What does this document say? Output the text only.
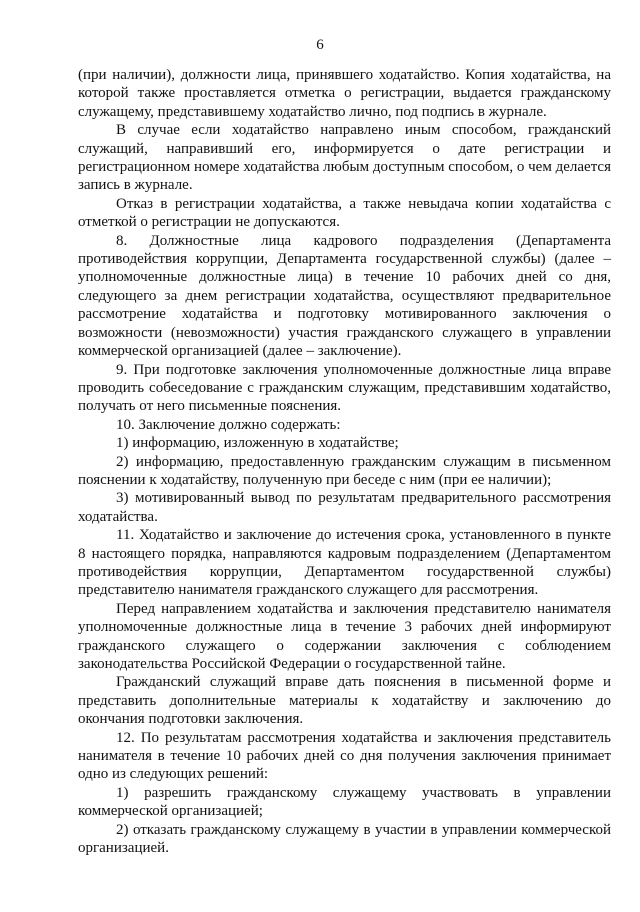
6

(при наличии), должности лица, принявшего ходатайство. Копия ходатайства, на которой также проставляется отметка о регистрации, выдается гражданскому служащему, представившему ходатайство лично, под подпись в журнале.

В случае если ходатайство направлено иным способом, гражданский служащий, направивший его, информируется о дате регистрации и регистрационном номере ходатайства любым доступным способом, о чем делается запись в журнале.

Отказ в регистрации ходатайства, а также невыдача копии ходатайства с отметкой о регистрации не допускаются.

8. Должностные лица кадрового подразделения (Департамента противодействия коррупции, Департамента государственной службы) (далее – уполномоченные должностные лица) в течение 10 рабочих дней со дня, следующего за днем регистрации ходатайства, осуществляют предварительное рассмотрение ходатайства и подготовку мотивированного заключения о возможности (невозможности) участия гражданского служащего в управлении коммерческой организацией (далее – заключение).

9. При подготовке заключения уполномоченные должностные лица вправе проводить собеседование с гражданским служащим, представившим ходатайство, получать от него письменные пояснения.

10. Заключение должно содержать:

1) информацию, изложенную в ходатайстве;

2) информацию, предоставленную гражданским служащим в письменном пояснении к ходатайству, полученную при беседе с ним (при ее наличии);

3) мотивированный вывод по результатам предварительного рассмотрения ходатайства.

11. Ходатайство и заключение до истечения срока, установленного в пункте 8 настоящего порядка, направляются кадровым подразделением (Департаментом противодействия коррупции, Департаментом государственной службы) представителю нанимателя гражданского служащего для рассмотрения.

Перед направлением ходатайства и заключения представителю нанимателя уполномоченные должностные лица в течение 3 рабочих дней информируют гражданского служащего о содержании заключения с соблюдением законодательства Российской Федерации о государственной тайне.

Гражданский служащий вправе дать пояснения в письменной форме и представить дополнительные материалы к ходатайству и заключению до окончания подготовки заключения.

12. По результатам рассмотрения ходатайства и заключения представитель нанимателя в течение 10 рабочих дней со дня получения заключения принимает одно из следующих решений:

1) разрешить гражданскому служащему участвовать в управлении коммерческой организацией;

2) отказать гражданскому служащему в участии в управлении коммерческой организацией.
